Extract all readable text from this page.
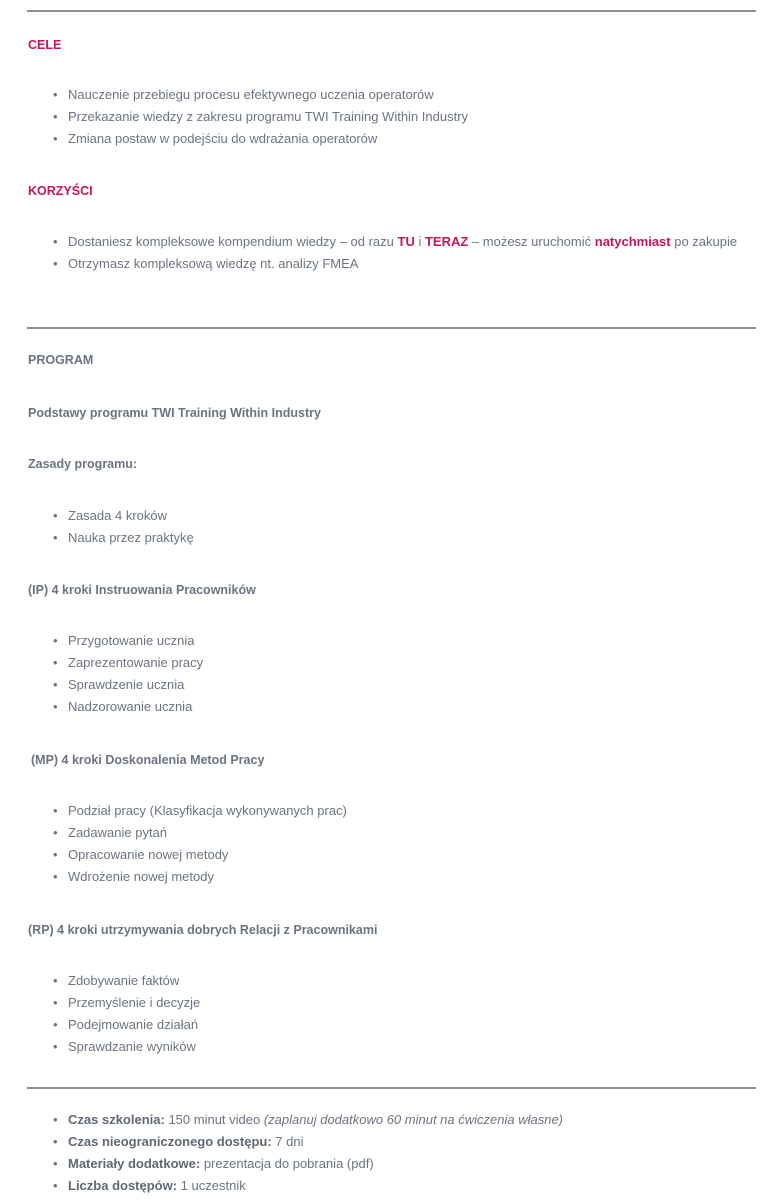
CELE
• Nauczenie przebiegu procesu efektywnego uczenia operatorów
• Przekazanie wiedzy z zakresu programu TWI Training Within Industry
• Zmiana postaw w podejściu do wdrażania operatorów
KORZYŚCI
• Dostaniesz kompleksowe kompendium wiedzy – od razu TU i TERAZ – możesz uruchomić natychmiast po zakupie
• Otrzymasz kompleksową wiedzę nt. analizy FMEA
PROGRAM
Podstawy programu TWI Training Within Industry
Zasady programu:
• Zasada 4 kroków
• Nauka przez praktykę
(IP) 4 kroki Instruowania Pracowników
• Przygotowanie ucznia
• Zaprezentowanie pracy
• Sprawdzenie ucznia
• Nadzorowanie ucznia
(MP) 4 kroki Doskonalenia Metod Pracy
• Podział pracy (Klasyfikacja wykonywanych prac)
• Zadawanie pytań
• Opracowanie nowej metody
• Wdrożenie nowej metody
(RP) 4 kroki utrzymywania dobrych Relacji z Pracownikami
• Zdobywanie faktów
• Przemyślenie i decyzje
• Podejmowanie działań
• Sprawdzanie wyników
• Czas szkolenia: 150 minut video (zaplanuj dodatkowo 60 minut na ćwiczenia własne)
• Czas nieograniczonego dostępu: 7 dni
• Materiały dodatkowe: prezentacja do pobrania (pdf)
• Liczba dostępów: 1 uczestnik
